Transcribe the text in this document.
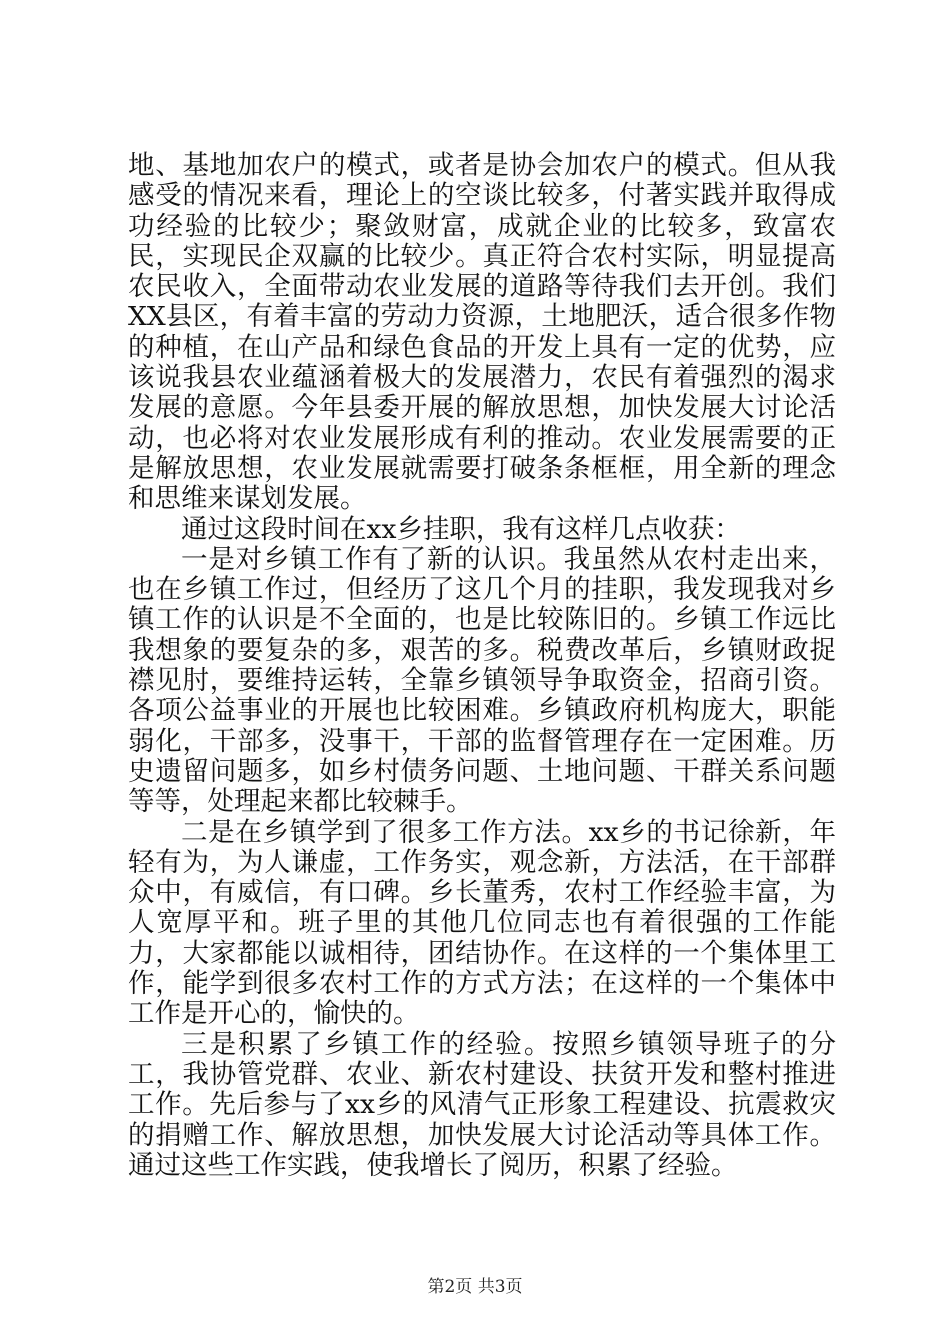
地、基地加农户的模式，或者是协会加农户的模式。但从我感受的情况来看，理论上的空谈比较多，付著实践并取得成功经验的比较少；聚敛财富，成就企业的比较多，致富农民，实现民企双赢的比较少。真正符合农村实际，明显提高农民收入，全面带动农业发展的道路等待我们去开创。我们XX县区，有着丰富的劳动力资源，土地肥沃，适合很多作物的种植，在山产品和绿色食品的开发上具有一定的优势，应该说我县农业蕴涵着极大的发展潜力，农民有着强烈的渴求发展的意愿。今年县委开展的解放思想，加快发展大讨论活动，也必将对农业发展形成有利的推动。农业发展需要的正是解放思想，农业发展就需要打破条条框框，用全新的理念和思维来谋划发展。

通过这段时间在xx乡挂职，我有这样几点收获：

一是对乡镇工作有了新的认识。我虽然从农村走出来，也在乡镇工作过，但经历了这几个月的挂职，我发现我对乡镇工作的认识是不全面的，也是比较陈旧的。乡镇工作远比我想象的要复杂的多，艰苦的多。税费改革后，乡镇财政捉襟见肘，要维持运转，全靠乡镇领导争取资金，招商引资。各项公益事业的开展也比较困难。乡镇政府机构庞大，职能弱化，干部多，没事干，干部的监督管理存在一定困难。历史遗留问题多，如乡村债务问题、土地问题、干群关系问题等等，处理起来都比较棘手。

二是在乡镇学到了很多工作方法。xx乡的书记徐新，年轻有为，为人谦虚，工作务实，观念新，方法活，在干部群众中，有威信，有口碑。乡长董秀，农村工作经验丰富，为人宽厚平和。班子里的其他几位同志也有着很强的工作能力，大家都能以诚相待，团结协作。在这样的一个集体里工作，能学到很多农村工作的方式方法；在这样的一个集体中工作是开心的，愉快的。

三是积累了乡镇工作的经验。按照乡镇领导班子的分工，我协管党群、农业、新农村建设、扶贫开发和整村推进工作。先后参与了xx乡的风清气正形象工程建设、抗震救灾的捐赠工作、解放思想，加快发展大讨论活动等具体工作。通过这些工作实践，使我增长了阅历，积累了经验。

第2页 共3页
